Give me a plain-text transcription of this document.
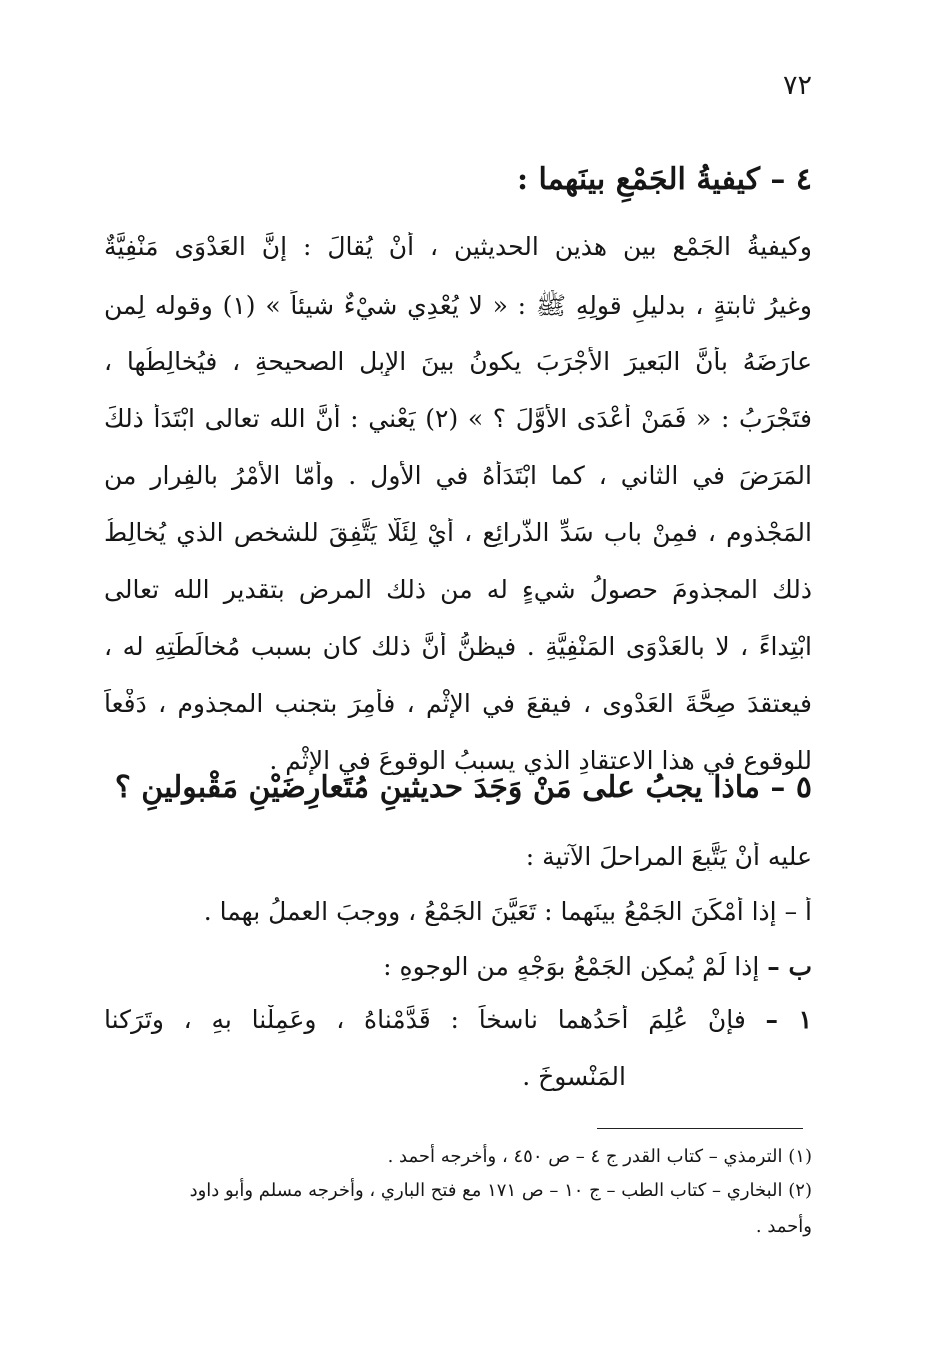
٧٢
٤ – كيفيةُ الجَمْعِ بينَهما :
وكيفيةُ الجَمْعِ بين هذينِ الحديثينِ ، أَنْ يُقالَ : إنَّ العَدْوَى مَنْفِيَّةٌ
وغيرُ ثابتةٍ ، بدليلِ قولِهِ ﷺ : « لا يُعْدِي شيْءٌ شيئاً » (١) وقوله لِمن
عارَضَهُ بأنَّ البَعيرَ الأَجْرَبَ يكونُ بينَ الإِبِلِ الصحيحةِ ، فيُخالِطُها ،
فتَجْرَبُ : « فَمَنْ أَعْدَى الأَوَّلَ ؟ » (٢) يَعْني : أنَّ الله تعالى ابْتَدَأَ ذلكَ
المَرَضَ في الثاني ، كما ابْتَدَأَهُ في الأول . وأمّا الأَمْرُ بالفِرارِ من
المَجْذومِ ، فمِنْ بابِ سَدِّ الذَّرائِعِ ، أيْ لِئَلَّا يَتَّفِقَ للشخصِ الذي يُخالِطُ
ذلك المجذومَ حصولُ شيءٍ له من ذلك المرضِ بتقديرِ الله تعالى
ابْتِداءً ، لا بالعَدْوَى المَنْفِيَّةِ . فيظنُّ أنَّ ذلك كان بسبب مُخالَطَتِهِ له ،
فيعتقدَ صِحَّةَ العَدْوى ، فيقعَ في الإِثْمِ ، فأُمِرَ بتجنبِ المجذومِ ، دَفْعاً
للوقوعِ في هذا الاعتقادِ الذي يسببُ الوقوعَ في الإِثْمِ .
٥ – ماذا يجبُ على مَنْ وَجَدَ حديثينِ مُتَعارِضَيْنِ مَقْبولينِ ؟
عليه أنْ يَتَّبِعَ المراحلَ الآتية :
أ – إذا أَمْكَنَ الجَمْعُ بينَهما : تَعَيَّنَ الجَمْعُ ، ووجبَ العملُ بهما .
ب – إذا لَمْ يُمكِنِ الجَمْعُ بوَجْهٍ من الوجوهِ :
١ – فإنْ عُلِمَ أَحَدُهما ناسخاً : قَدَّمْناهُ ، وعَمِلْنا بهِ ، وتَرَكنا
المَنْسوخَ .
(١) الترمذي – كتاب القدر ج ٤ – ص ٤٥٠ ، وأخرجه أحمد .
(٢) البخاري – كتاب الطب – ج ١٠ – ص ١٧١ مع فتح الباري ، وأخرجه مسلم وأبو داود
وأحمد .
